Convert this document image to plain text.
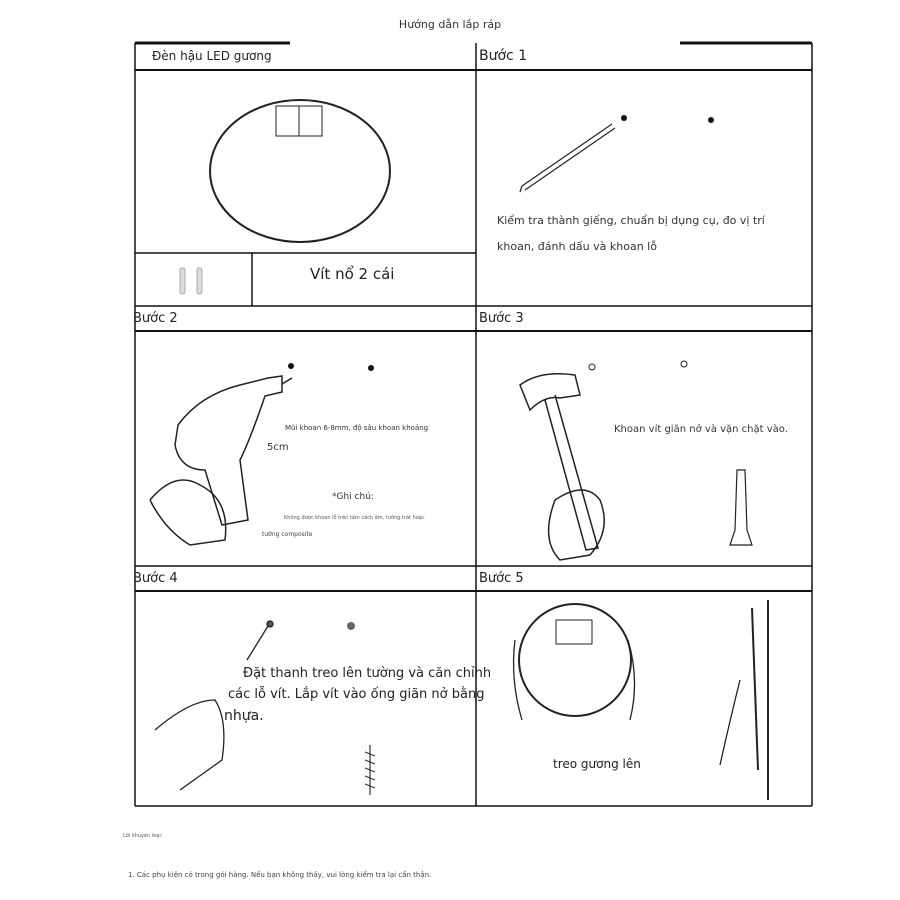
Hướng dẫn lắp ráp
Đèn hậu LED gương
Vít nổ 2 cái
Bước 1
Kiểm tra thành giếng, chuẩn bị dụng cụ, đo vị trí
khoan, đánh dấu và khoan lỗ
Bước 2
Mũi khoan 6-8mm, độ sâu khoan khoảng
5cm
*Ghi chú:
Không được khoan lỗ trên tấm cách âm, tường trát hoặc
tường composite
Bước 3
Khoan vít giãn nở và vặn chặt vào.
Bước 4
Đặt thanh treo lên tường và căn chỉnh
các lỗ vít. Lắp vít vào ống giãn nở bằng
nhựa.
Bước 5
treo gương lên
Lời khuyên loại:
1. Các phụ kiện có trong gói hàng. Nếu bạn không thấy, vui lòng kiểm tra lại cẩn thận.
